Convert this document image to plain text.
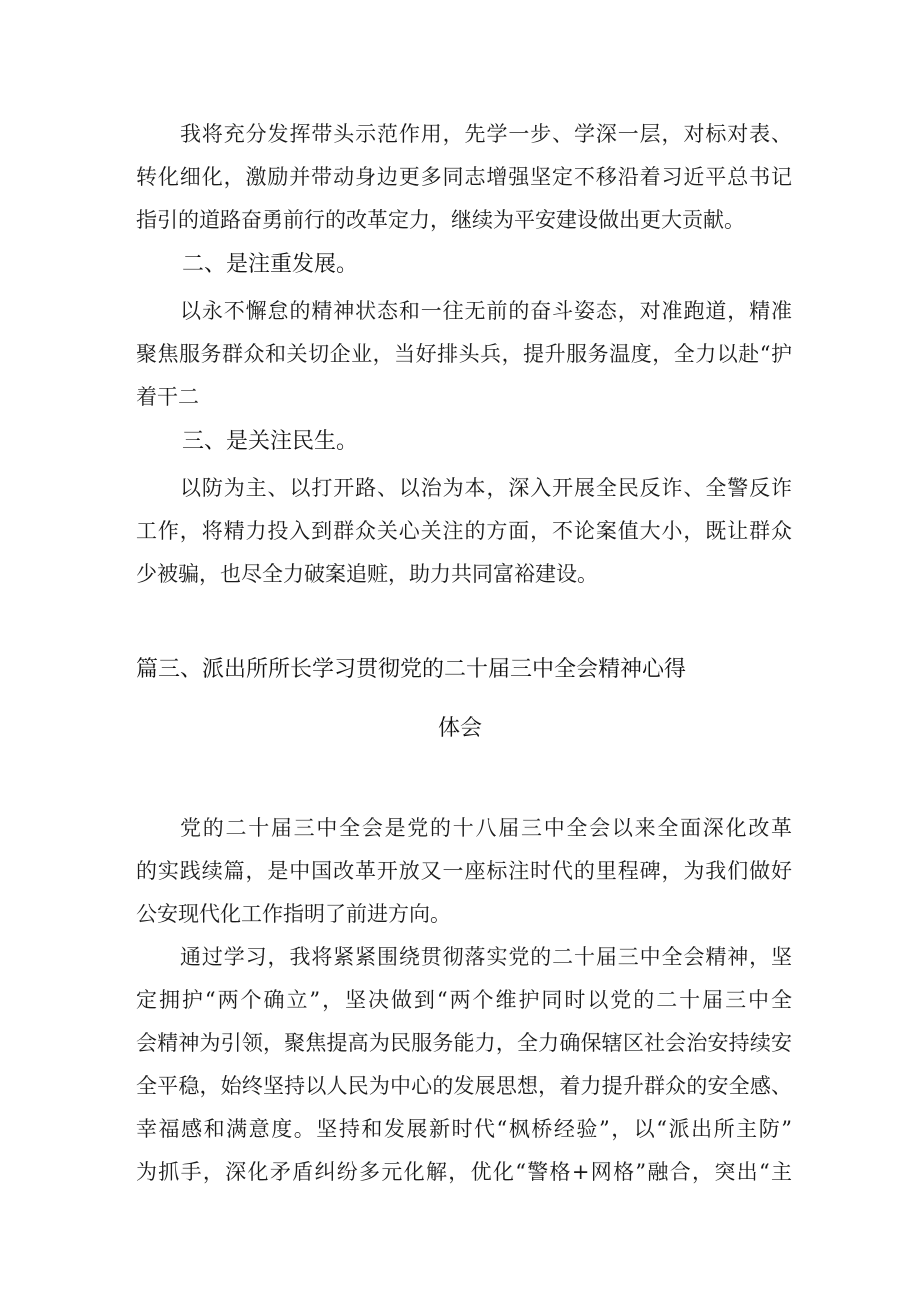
我将充分发挥带头示范作用，先学一步、学深一层，对标对表、
转化细化，激励并带动身边更多同志增强坚定不移沿着习近平总书记
指引的道路奋勇前行的改革定力，继续为平安建设做出更大贡献。
二、是注重发展。
以永不懈怠的精神状态和一往无前的奋斗姿态，对准跑道，精准
聚焦服务群众和关切企业，当好排头兵，提升服务温度，全力以赴“护
着干二
三、是关注民生。
以防为主、以打开路、以治为本，深入开展全民反诈、全警反诈
工作，将精力投入到群众关心关注的方面，不论案值大小，既让群众
少被骗，也尽全力破案追赃，助力共同富裕建设。
篇三、派出所所长学习贯彻党的二十届三中全会精神心得
体会
党的二十届三中全会是党的十八届三中全会以来全面深化改革
的实践续篇，是中国改革开放又一座标注时代的里程碑，为我们做好
公安现代化工作指明了前进方向。
通过学习，我将紧紧围绕贯彻落实党的二十届三中全会精神，坚
定拥护“两个确立”，坚决做到“两个维护同时以党的二十届三中全
会精神为引领，聚焦提高为民服务能力，全力确保辖区社会治安持续安
全平稳，始终坚持以人民为中心的发展思想，着力提升群众的安全感、
幸福感和满意度。坚持和发展新时代“枫桥经验”，以“派出所主防”
为抓手，深化矛盾纠纷多元化解，优化“警格+网格”融合，突出“主
